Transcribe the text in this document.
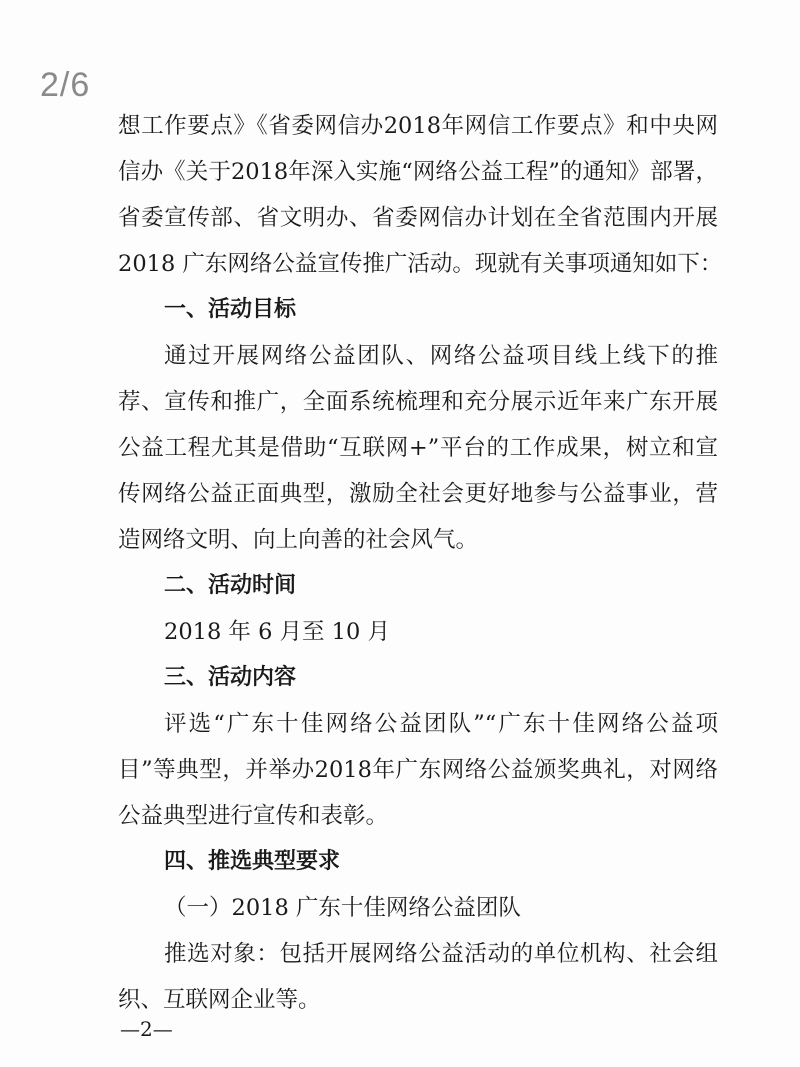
2/6
想工作要点》《省委网信办2018年网信工作要点》和中央网
信办《关于2018年深入实施“网络公益工程”的通知》部署，
省委宣传部、省文明办、省委网信办计划在全省范围内开展
2018 广东网络公益宣传推广活动。现就有关事项通知如下：
一、活动目标
通过开展网络公益团队、网络公益项目线上线下的推
荐、宣传和推广，全面系统梳理和充分展示近年来广东开展
公益工程尤其是借助“互联网+”平台的工作成果，树立和宣
传网络公益正面典型，激励全社会更好地参与公益事业，营
造网络文明、向上向善的社会风气。
二、活动时间
2018 年 6 月至 10 月
三、活动内容
评选“广东十佳网络公益团队”“广东十佳网络公益项
目”等典型，并举办2018年广东网络公益颁奖典礼，对网络
公益典型进行宣传和表彰。
四、推选典型要求
（一）2018 广东十佳网络公益团队
推选对象：包括开展网络公益活动的单位机构、社会组
织、互联网企业等。
—2—
